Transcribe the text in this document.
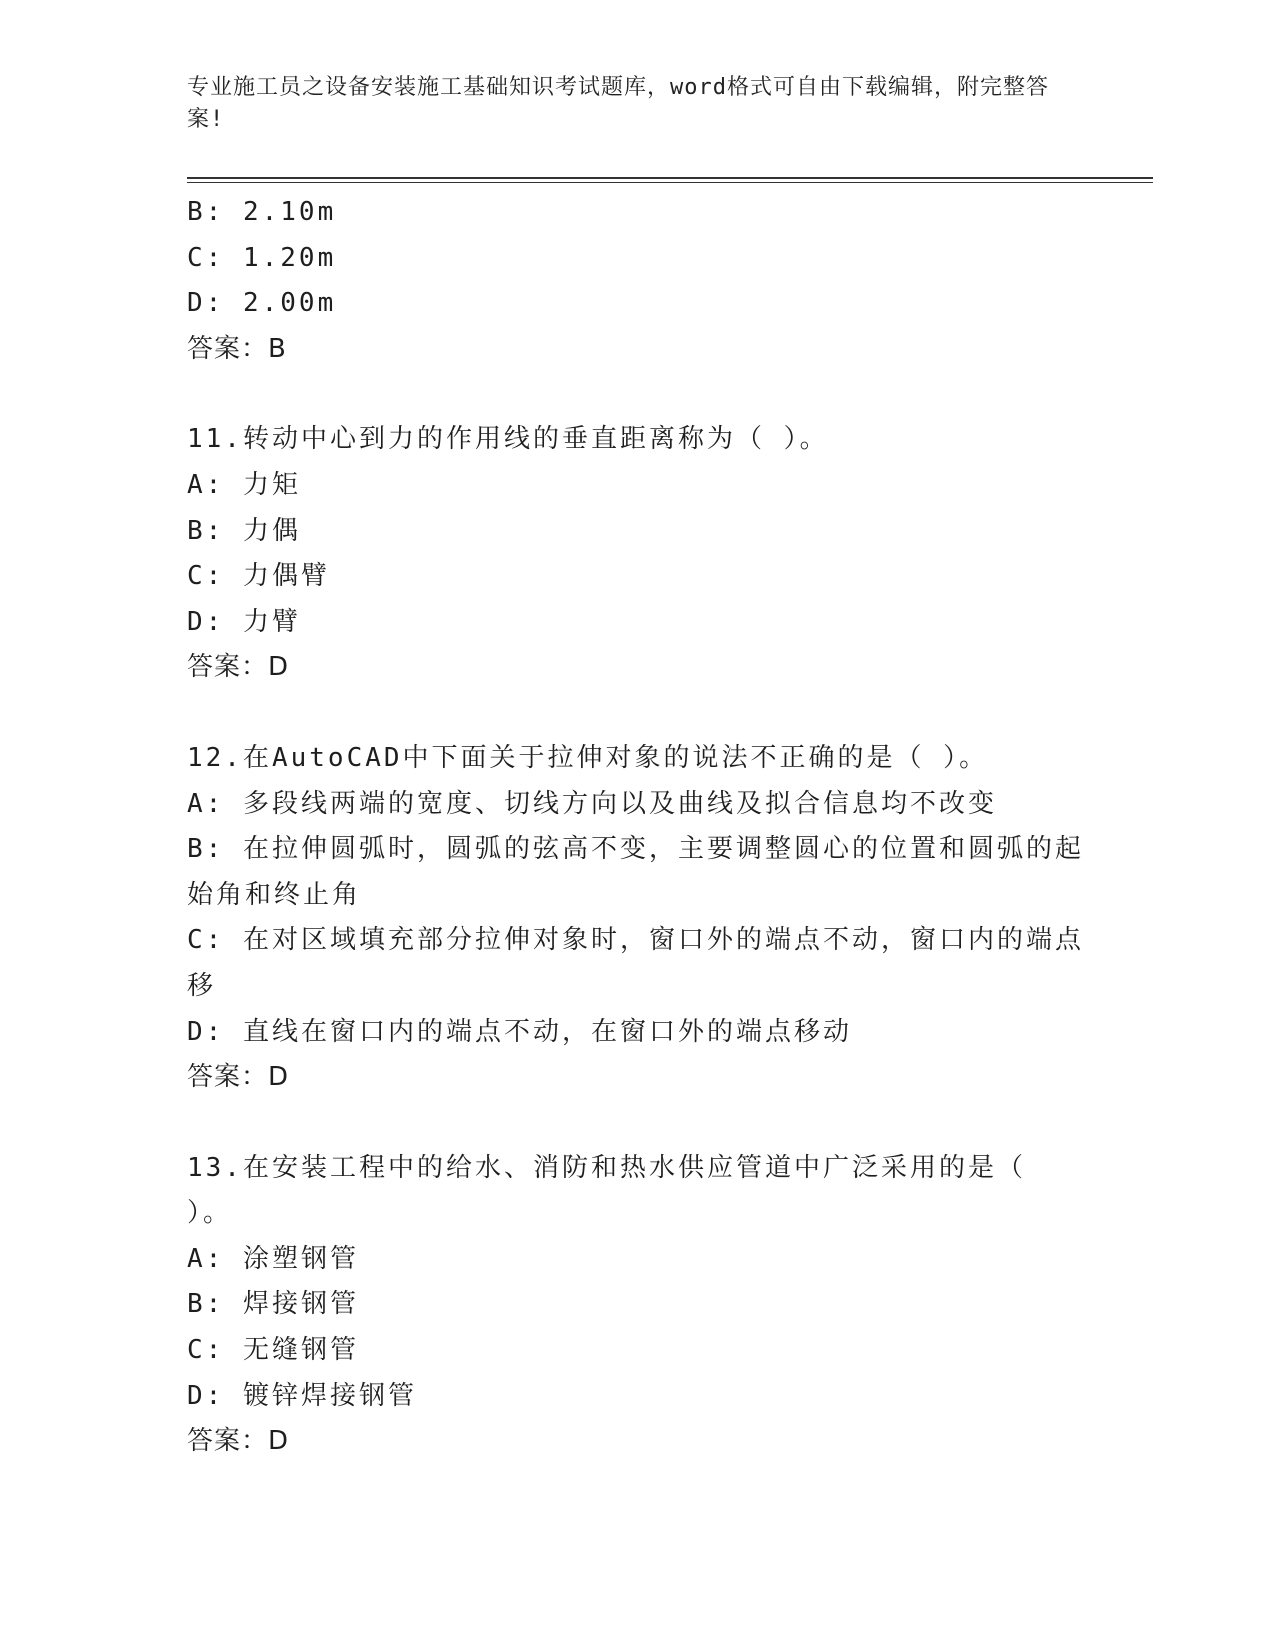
专业施工员之设备安装施工基础知识考试题库，word格式可自由下载编辑，附完整答案!
B: 2.10m
C: 1.20m
D: 2.00m
答案：B
11.转动中心到力的作用线的垂直距离称为（ ）。
A: 力矩
B: 力偶
C: 力偶臂
D: 力臂
答案：D
12.在AutoCAD中下面关于拉伸对象的说法不正确的是（ ）。
A: 多段线两端的宽度、切线方向以及曲线及拟合信息均不改变
B: 在拉伸圆弧时，圆弧的弦高不变，主要调整圆心的位置和圆弧的起始角和终止角
C: 在对区域填充部分拉伸对象时，窗口外的端点不动，窗口内的端点移
D: 直线在窗口内的端点不动，在窗口外的端点移动
答案：D
13.在安装工程中的给水、消防和热水供应管道中广泛采用的是（ ）。
A: 涂塑钢管
B: 焊接钢管
C: 无缝钢管
D: 镀锌焊接钢管
答案：D
